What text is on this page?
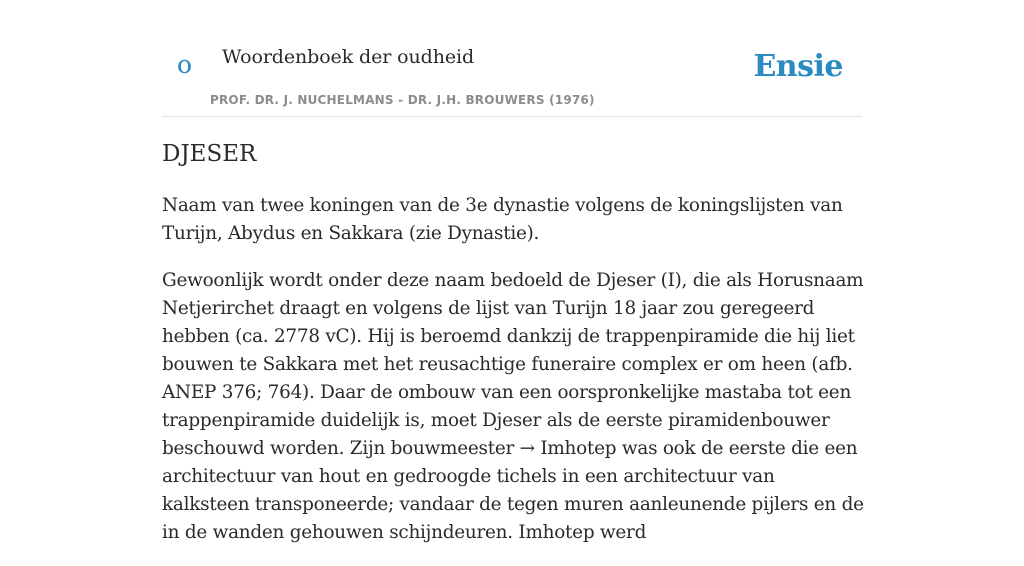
o Woordenboek der oudheid	Ensie
PROF. DR. J. NUCHELMANS - DR. J.H. BROUWERS (1976)
DJESER

Naam van twee koningen van de 3e dynastie volgens de koningslijsten van Turijn, Abydus en Sakkara (zie Dynastie).

Gewoonlijk wordt onder deze naam bedoeld de Djeser (I), die als Horusnaam Netjerirchet draagt en volgens de lijst van Turijn 18 jaar zou geregeerd hebben (ca. 2778 vC). Hij is beroemd dankzij de trappenpiramide die hij liet bouwen te Sakkara met het reusachtige funeraire complex er om heen (afb. ANEP 376; 764). Daar de ombouw van een oorspronkelijke mastaba tot een trappenpiramide duidelijk is, moet Djeser als de eerste piramidenbouwer beschouwd worden. Zijn bouwmeester → Imhotep was ook de eerste die een architectuur van hout en gedroogde tichels in een architectuur van kalksteen transponeerde; vandaar de tegen muren aanleunende pijlers en de in de wanden gehouwen schijndeuren. Imhotep werd
